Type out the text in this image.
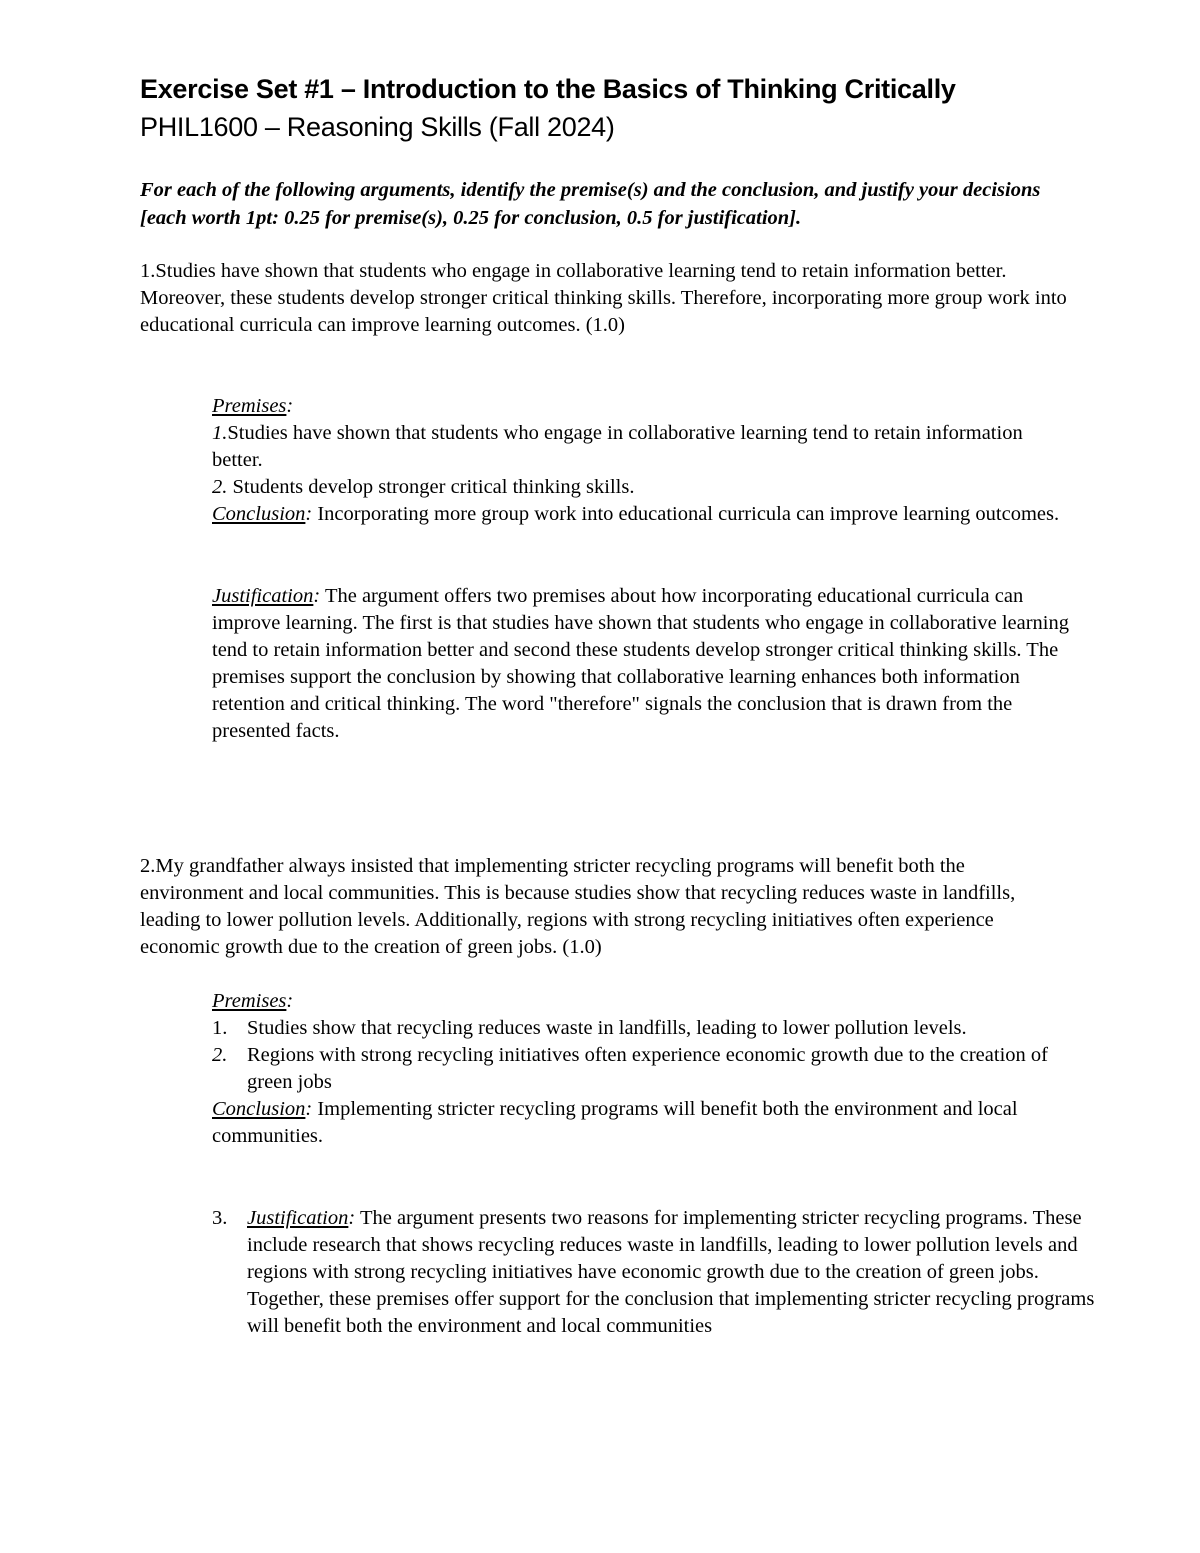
Exercise Set #1 – Introduction to the Basics of Thinking Critically
PHIL1600 – Reasoning Skills (Fall 2024)

For each of the following arguments, identify the premise(s) and the conclusion, and justify your decisions [each worth 1pt: 0.25 for premise(s), 0.25 for conclusion, 0.5 for justification].

1.Studies have shown that students who engage in collaborative learning tend to retain information better. Moreover, these students develop stronger critical thinking skills. Therefore, incorporating more group work into educational curricula can improve learning outcomes. (1.0)

Premises:
1.Studies have shown that students who engage in collaborative learning tend to retain information better.
2. Students develop stronger critical thinking skills.
Conclusion: Incorporating more group work into educational curricula can improve learning outcomes.

Justification: The argument offers two premises about how incorporating educational curricula can improve learning. The first is that studies have shown that students who engage in collaborative learning tend to retain information better and second these students develop stronger critical thinking skills. The premises support the conclusion by showing that collaborative learning enhances both information retention and critical thinking. The word "therefore" signals the conclusion that is drawn from the presented facts.

2.My grandfather always insisted that implementing stricter recycling programs will benefit both the environment and local communities. This is because studies show that recycling reduces waste in landfills, leading to lower pollution levels. Additionally, regions with strong recycling initiatives often experience economic growth due to the creation of green jobs. (1.0)

Premises:
1. Studies show that recycling reduces waste in landfills, leading to lower pollution levels.
2. Regions with strong recycling initiatives often experience economic growth due to the creation of green jobs
Conclusion: Implementing stricter recycling programs will benefit both the environment and local communities.
3. Justification: The argument presents two reasons for implementing stricter recycling programs. These include research that shows recycling reduces waste in landfills, leading to lower pollution levels and regions with strong recycling initiatives have economic growth due to the creation of green jobs. Together, these premises offer support for the conclusion that implementing stricter recycling programs will benefit both the environment and local communities
